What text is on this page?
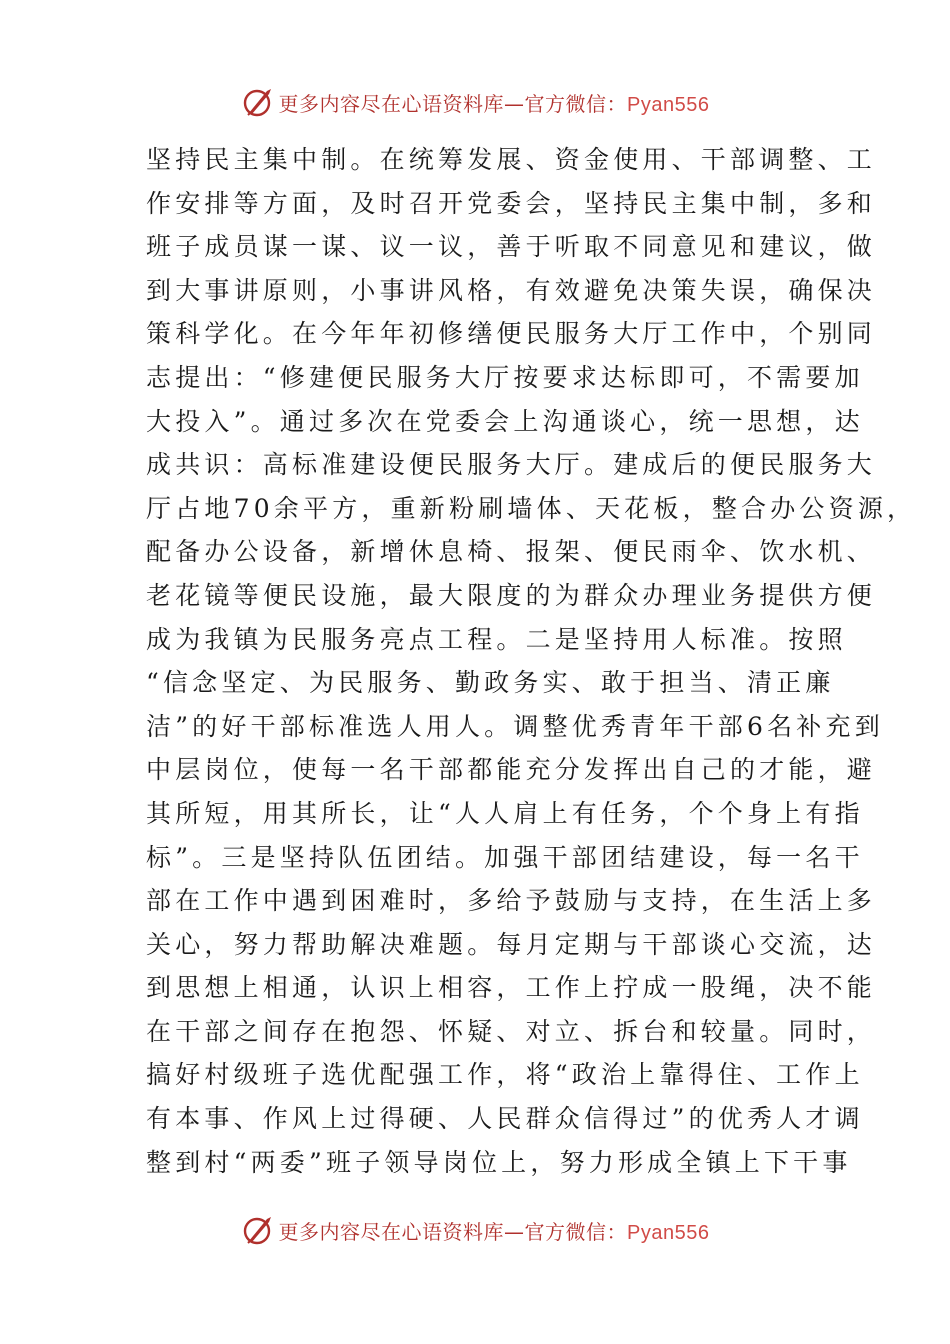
更多内容尽在心语资料库—官方微信：Pyan556
坚持民主集中制。在统筹发展、资金使用、干部调整、工
作安排等方面，及时召开党委会，坚持民主集中制，多和
班子成员谋一谋、议一议，善于听取不同意见和建议，做
到大事讲原则，小事讲风格，有效避免决策失误，确保决
策科学化。在今年年初修缮便民服务大厅工作中，个别同
志提出：“修建便民服务大厅按要求达标即可，不需要加
大投入”。通过多次在党委会上沟通谈心，统一思想，达
成共识：高标准建设便民服务大厅。建成后的便民服务大
厅占地70余平方，重新粉刷墙体、天花板，整合办公资源，
配备办公设备，新增休息椅、报架、便民雨伞、饮水机、
老花镜等便民设施，最大限度的为群众办理业务提供方便
成为我镇为民服务亮点工程。二是坚持用人标准。按照
“信念坚定、为民服务、勤政务实、敢于担当、清正廉
洁”的好干部标准选人用人。调整优秀青年干部6名补充到
中层岗位，使每一名干部都能充分发挥出自己的才能，避
其所短，用其所长，让“人人肩上有任务，个个身上有指
标”。三是坚持队伍团结。加强干部团结建设，每一名干
部在工作中遇到困难时，多给予鼓励与支持，在生活上多
关心，努力帮助解决难题。每月定期与干部谈心交流，达
到思想上相通，认识上相容，工作上拧成一股绳，决不能
在干部之间存在抱怨、怀疑、对立、拆台和较量。同时，
搞好村级班子选优配强工作，将“政治上靠得住、工作上
有本事、作风上过得硬、人民群众信得过”的优秀人才调
整到村“两委”班子领导岗位上，努力形成全镇上下干事
更多内容尽在心语资料库—官方微信：Pyan556
